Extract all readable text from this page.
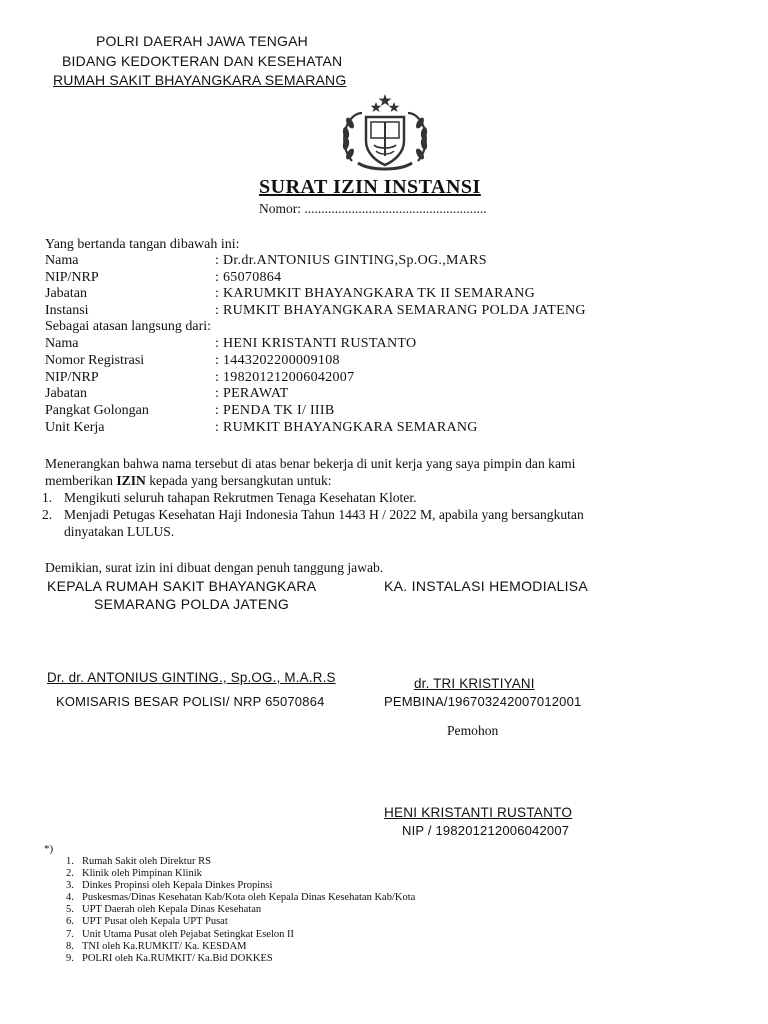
POLRI DAERAH JAWA TENGAH
BIDANG KEDOKTERAN DAN KESEHATAN
RUMAH SAKIT BHAYANGKARA SEMARANG
SURAT IZIN INSTANSI
Nomor: ......................................................
Yang bertanda tangan dibawah ini:
Nama	: Dr.dr.ANTONIUS GINTING,Sp.OG.,MARS
NIP/NRP	: 65070864
Jabatan	: KARUMKIT BHAYANGKARA TK II SEMARANG
Instansi	: RUMKIT BHAYANGKARA SEMARANG POLDA JATENG
Sebagai atasan langsung dari:
Nama	: HENI KRISTANTI RUSTANTO
Nomor Registrasi	: 1443202200009108
NIP/NRP	: 198201212006042007
Jabatan	: PERAWAT
Pangkat Golongan	: PENDA TK I/ IIIB
Unit Kerja	: RUMKIT BHAYANGKARA SEMARANG
Menerangkan bahwa nama tersebut di atas benar bekerja di unit kerja yang saya pimpin dan kami
memberikan IZIN kepada yang bersangkutan untuk:
1. Mengikuti seluruh tahapan Rekrutmen Tenaga Kesehatan Kloter.
2. Menjadi Petugas Kesehatan Haji Indonesia Tahun 1443 H / 2022 M, apabila yang bersangkutan
dinyatakan LULUS.
Demikian, surat izin ini dibuat dengan penuh tanggung jawab.
KEPALA RUMAH SAKIT BHAYANGKARA
SEMARANG POLDA JATENG
KA. INSTALASI HEMODIALISA
Dr. dr. ANTONIUS GINTING., Sp.OG., M.A.R.S
KOMISARIS BESAR POLISI/ NRP 65070864
dr. TRI KRISTIYANI
PEMBINA/196703242007012001
Pemohon
HENI KRISTANTI RUSTANTO
NIP / 198201212006042007
*)
1. Rumah Sakit oleh Direktur RS
2. Klinik oleh Pimpinan Klinik
3. Dinkes Propinsi oleh Kepala Dinkes Propinsi
4. Puskesmas/Dinas Kesehatan Kab/Kota oleh Kepala Dinas Kesehatan Kab/Kota
5. UPT Daerah oleh Kepala Dinas Kesehatan
6. UPT Pusat oleh Kepala UPT Pusat
7. Unit Utama Pusat oleh Pejabat Setingkat Eselon II
8. TNI oleh Ka.RUMKIT/ Ka. KESDAM
9. POLRI oleh Ka.RUMKIT/ Ka.Bid DOKKES
